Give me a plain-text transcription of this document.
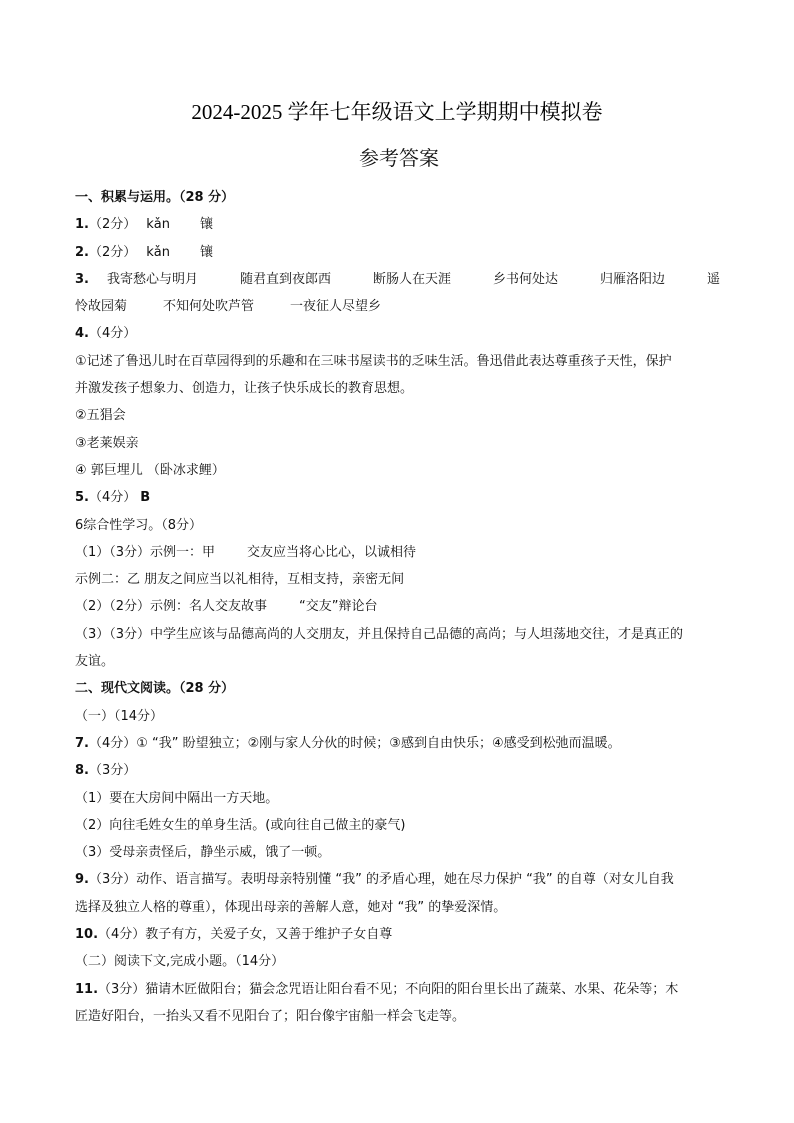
2024-2025 学年七年级语文上学期期中模拟卷
参考答案
一、积累与运用。（28 分）
1.（2分） kǎn 镶
2.（2分） kǎn 镶
3. 我寄愁心与明月	随君直到夜郎西	断肠人在天涯	乡书何处达	归雁洛阳边	遥
怜故园菊	不知何处吹芦管	一夜征人尽望乡
4.（4分）
①记述了鲁迅儿时在百草园得到的乐趣和在三味书屋读书的乏味生活。鲁迅借此表达尊重孩子天性，保护
并激发孩子想象力、创造力，让孩子快乐成长的教育思想。
②五猖会
③老莱娱亲
④ 郭巨埋儿 （卧冰求鲤）
5.（4分） B
6综合性学习。（8分）
（1）（3分）示例一：甲 交友应当将心比心，以诚相待
示例二：乙 朋友之间应当以礼相待，互相支持，亲密无间
（2）（2分）示例：名人交友故事 “交友”辩论台
（3）（3分）中学生应该与品德高尚的人交朋友，并且保持自己品德的高尚；与人坦荡地交往，才是真正的
友谊。
二、现代文阅读。（28 分）
（一）（14分）
7.（4分）① “我” 盼望独立；②刚与家人分伙的时候；③感到自由快乐；④感受到松弛而温暖。
8.（3分）
（1）要在大房间中隔出一方天地。
（2）向往毛姓女生的单身生活。(或向往自己做主的豪气)
（3）受母亲责怪后，静坐示威，饿了一顿。
9.（3分）动作、语言描写。表明母亲特别懂 “我” 的矛盾心理，她在尽力保护 “我” 的自尊（对女儿自我
选择及独立人格的尊重），体现出母亲的善解人意，她对 “我” 的挚爱深情。
10.（4分）教子有方，关爱子女，又善于维护子女自尊
（二）阅读下文,完成小题。（14分）
11.（3分）猫请木匠做阳台；猫会念咒语让阳台看不见；不向阳的阳台里长出了蔬菜、水果、花朵等；木
匠造好阳台，一抬头又看不见阳台了；阳台像宇宙船一样会飞走等。
